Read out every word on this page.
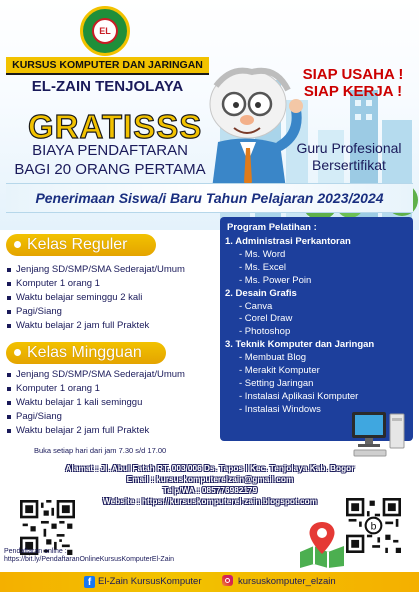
EL
KURSUS KOMPUTER DAN JARINGAN
EL-ZAIN TENJOLAYA
SIAP USAHA !
SIAP KERJA !
GRATISSS
BIAYA PENDAFTARAN
BAGI 20 ORANG PERTAMA
Guru Profesional
Bersertifikat
Penerimaan Siswa/i Baru Tahun Pelajaran 2023/2024
Kelas Reguler
Jenjang SD/SMP/SMA Sederajat/Umum
Komputer 1 orang 1
Waktu belajar seminggu 2 kali
Pagi/Siang
Waktu belajar 2 jam full Praktek
Kelas Mingguan
Jenjang SD/SMP/SMA Sederajat/Umum
Komputer 1 orang 1
Waktu belajar 1 kali seminggu
Pagi/Siang
Waktu belajar 2 jam full Praktek
Buka setiap hari dari jam 7.30 s/d 17.00
Program Pelatihan :
1. Administrasi Perkantoran
- Ms. Word
- Ms. Excel
- Ms. Power Poin
2. Desain Grafis
- Canva
- Corel Draw
- Photoshop
3. Teknik Komputer dan Jaringan
- Membuat Blog
- Merakit Komputer
- Setting Jaringan
- Instalasi Aplikasi Komputer
- Instalasi Windows
Alamat : Jl. Abul Fatah RT. 003/006 Ds. Tapos I Kec. Tenjolaya Kab. Bogor
Email : kursuskomputerelzain@gmail.com
Telp/WA : 085776982179
Website : https://kursuskomputerel-zain.blogspot.com
b
Pendaftaran online :
https://bit.ly/PendaftaranOnlineKursusKomputerEl-Zain
f El-Zain KursusKomputer	kursuskomputer_elzain
